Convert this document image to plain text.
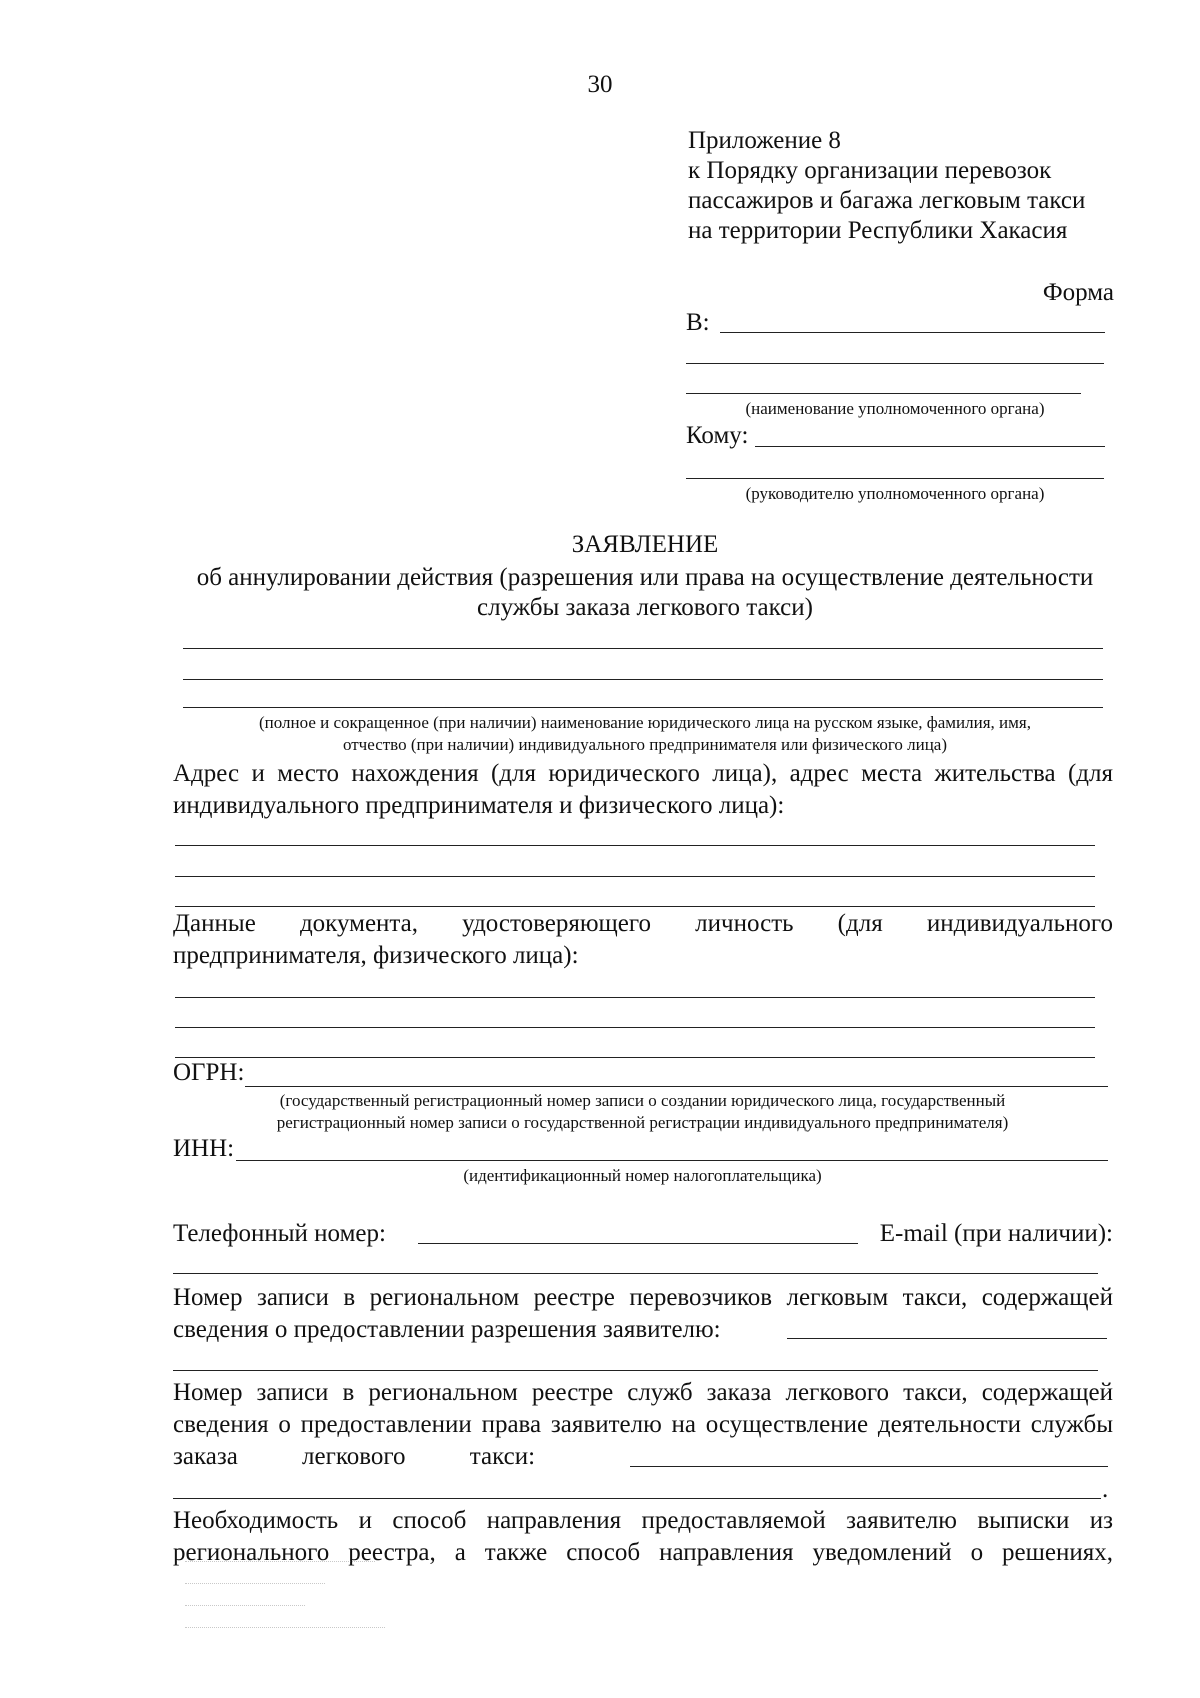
30
Приложение 8
к Порядку организации перевозок
пассажиров и багажа легковым такси
на территории Республики Хакасия
Форма
В:
(наименование уполномоченного органа)
Кому:
(руководителю уполномоченного органа)
ЗАЯВЛЕНИЕ
об аннулировании действия (разрешения или права на осуществление деятельности
службы заказа легкового такси)
(полное и сокращенное (при наличии) наименование юридического лица на русском языке, фамилия, имя,
отчество (при наличии) индивидуального предпринимателя или физического лица)
Адрес и место нахождения (для юридического лица), адрес места жительства (для
индивидуального предпринимателя и физического лица):
Данные документа, удостоверяющего личность (для индивидуального
предпринимателя, физического лица):
ОГРН:
(государственный регистрационный номер записи о создании юридического лица, государственный
регистрационный номер записи о государственной регистрации индивидуального предпринимателя)
ИНН:
(идентификационный номер налогоплательщика)
Телефонный номер:	E-mail (при наличии):
Номер записи в региональном реестре перевозчиков легковым такси, содержащей
сведения о предоставлении разрешения заявителю:
Номер записи в региональном реестре служб заказа легкового такси, содержащей
сведения о предоставлении права заявителю на осуществление деятельности службы
заказа легкового такси:
.
Необходимость и способ направления предоставляемой заявителю выписки из
регионального реестра, а также способ направления уведомлений о решениях,
